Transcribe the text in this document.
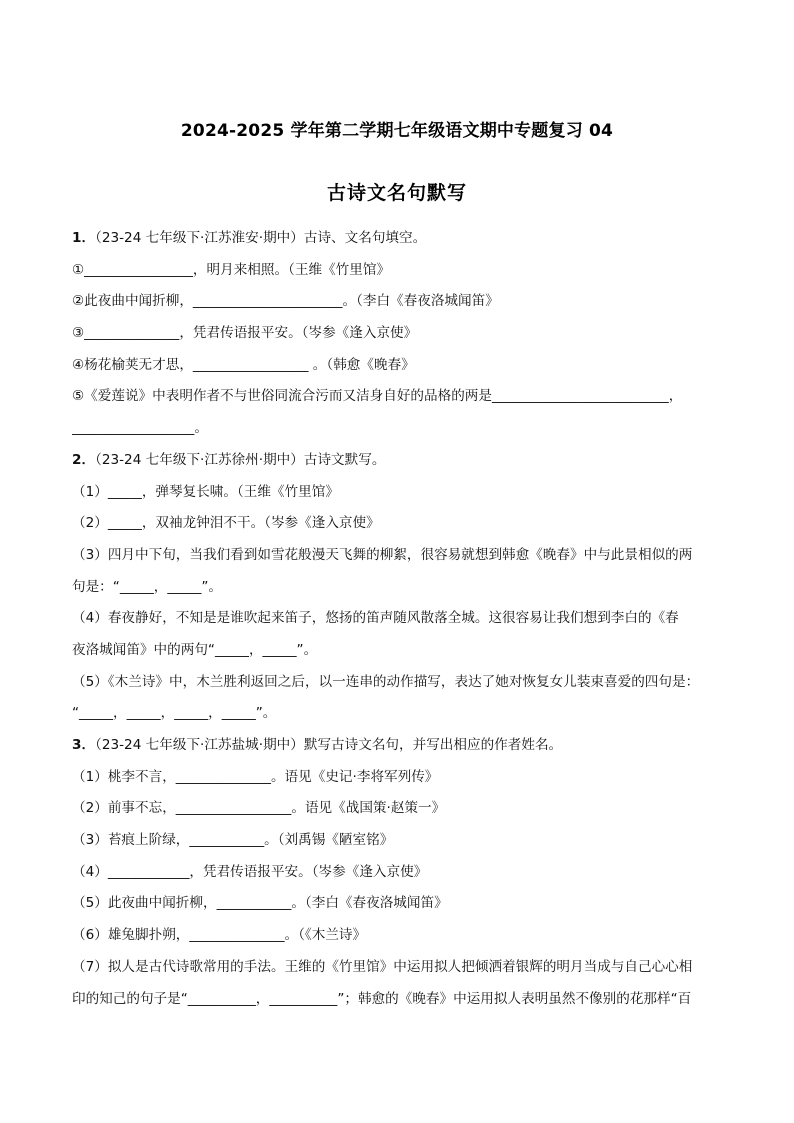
2024-2025 学年第二学期七年级语文期中专题复习 04
古诗文名句默写
1．（23-24 七年级下·江苏淮安·期中）古诗、文名句填空。
①________________，明月来相照。（王维《竹里馆》
②此夜曲中闻折柳，______________________。（李白《春夜洛城闻笛》
③______________，凭君传语报平安。（岑参《逢入京使》
④杨花榆荚无才思，_________________ 。（韩愈《晚春》
⑤《爱莲说》中表明作者不与世俗同流合污而又洁身自好的品格的两是__________________________，
__________________。
2．（23-24 七年级下·江苏徐州·期中）古诗文默写。
（1）_____，弹琴复长啸。（王维《竹里馆》
（2）_____，双袖龙钟泪不干。（岑参《逢入京使》
（3）四月中下旬，当我们看到如雪花般漫天飞舞的柳絮，很容易就想到韩愈《晚春》中与此景相似的两
句是：“_____，_____”。
（4）春夜静好，不知是是谁吹起来笛子，悠扬的笛声随风散落全城。这很容易让我们想到李白的《春
夜洛城闻笛》中的两句“_____，_____”。
（5）《木兰诗》中，木兰胜利返回之后，以一连串的动作描写，表达了她对恢复女儿装束喜爱的四句是：
“_____，_____，_____，_____”。
3．（23-24 七年级下·江苏盐城·期中）默写古诗文名句，并写出相应的作者姓名。
（1）桃李不言，______________。语见《史记·李将军列传》
（2）前事不忘，_________________。语见《战国策·赵策一》
（3）苔痕上阶绿，___________。（刘禹锡《陋室铭》
（4）____________，凭君传语报平安。（岑参《逢入京使》
（5）此夜曲中闻折柳，___________。（李白《春夜洛城闻笛》
（6）雄兔脚扑朔，______________。（《木兰诗》
（7）拟人是古代诗歌常用的手法。王维的《竹里馆》中运用拟人把倾洒着银辉的明月当成与自己心心相
印的知己的句子是“__________，__________”；韩愈的《晚春》中运用拟人表明虽然不像别的花那样“百
